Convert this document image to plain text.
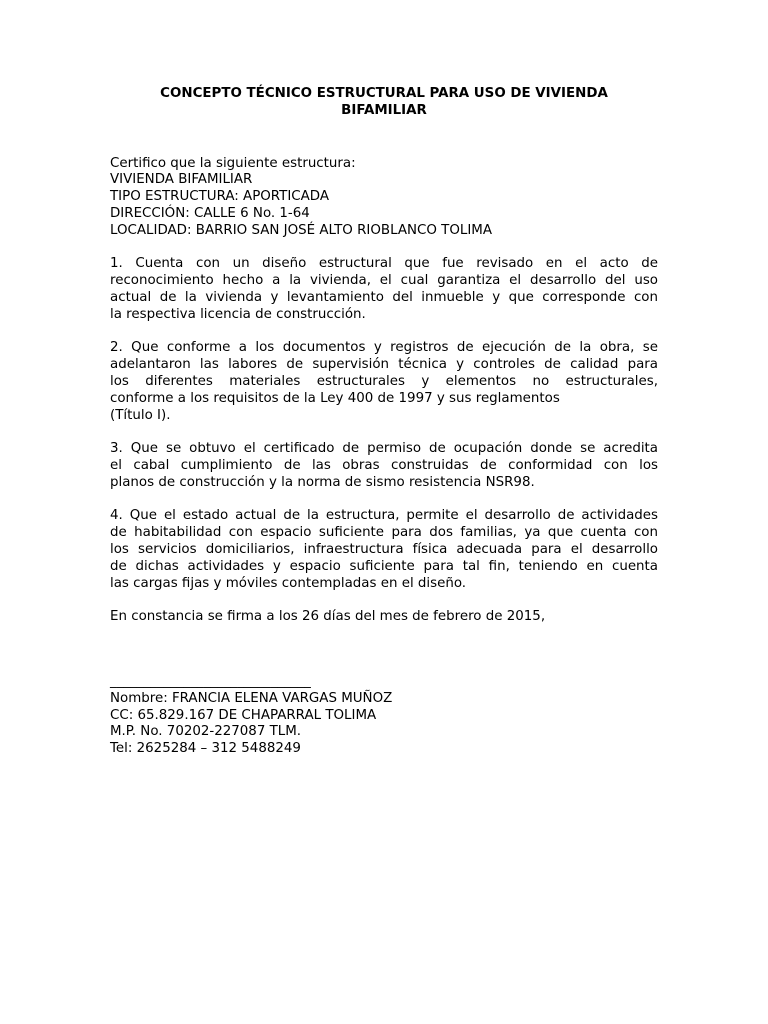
CONCEPTO TÉCNICO ESTRUCTURAL PARA USO DE VIVIENDA
BIFAMILIAR
Certifico que la siguiente estructura:
VIVIENDA BIFAMILIAR
TIPO ESTRUCTURA: APORTICADA
DIRECCIÓN: CALLE 6 No. 1-64
LOCALIDAD: BARRIO SAN JOSÉ ALTO RIOBLANCO TOLIMA
1. Cuenta con un diseño estructural que fue revisado en el acto de
reconocimiento hecho a la vivienda, el cual garantiza el desarrollo del uso
actual de la vivienda y levantamiento del inmueble y que corresponde con
la respectiva licencia de construcción.
2. Que conforme a los documentos y registros de ejecución de la obra, se
adelantaron las labores de supervisión técnica y controles de calidad para
los diferentes materiales estructurales y elementos no estructurales,
conforme a los requisitos de la Ley 400 de 1997 y sus reglamentos
(Título I).
3. Que se obtuvo el certificado de permiso de ocupación donde se acredita
el cabal cumplimiento de las obras construidas de conformidad con los
planos de construcción y la norma de sismo resistencia NSR98.
4. Que el estado actual de la estructura, permite el desarrollo de actividades
de habitabilidad con espacio suficiente para dos familias, ya que cuenta con
los servicios domiciliarios, infraestructura física adecuada para el desarrollo
de dichas actividades y espacio suficiente para tal fin, teniendo en cuenta
las cargas fijas y móviles contempladas en el diseño.
En constancia se firma a los 26 días del mes de febrero de 2015,
______________________________
Nombre: FRANCIA ELENA VARGAS MUÑOZ
CC: 65.829.167 DE CHAPARRAL TOLIMA
M.P. No. 70202-227087 TLM.
Tel: 2625284 – 312 5488249
